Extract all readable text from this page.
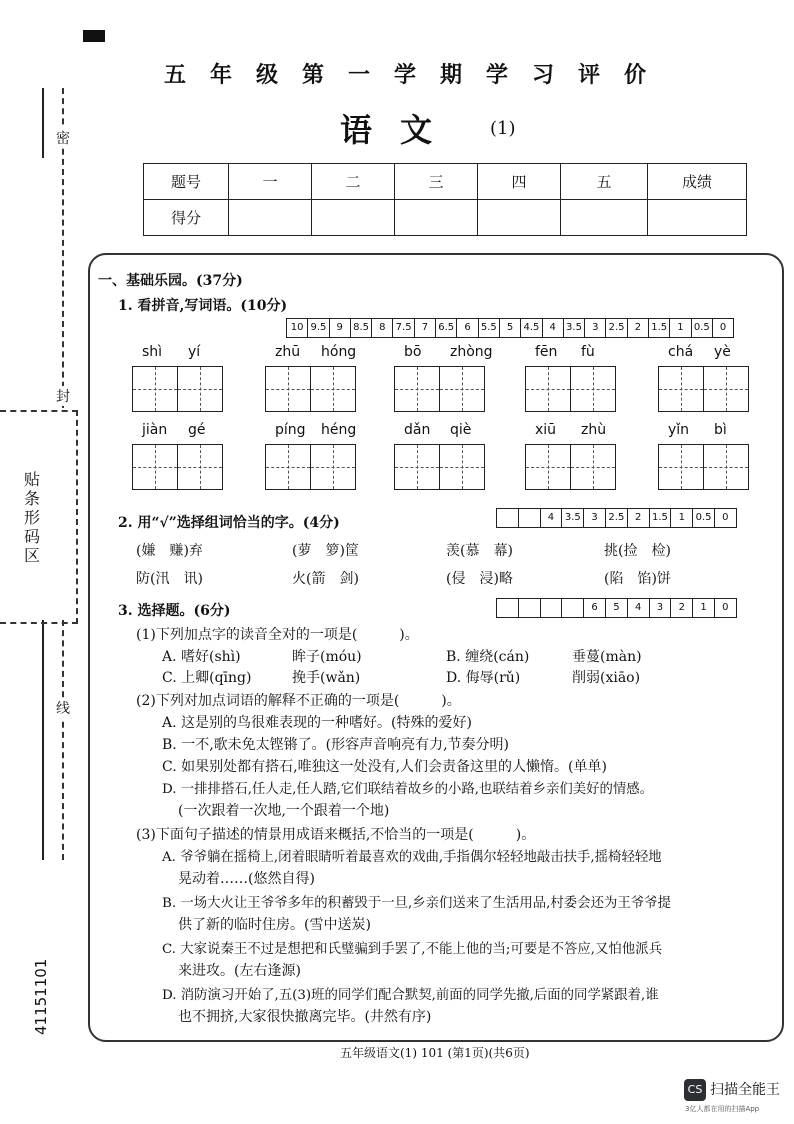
密
封
线
贴条形码区
41151101
五年级第一学期学习评价
语文 (1)
题号	一	二	三	四	五	成绩
得分						
一、基础乐园。(37分)
1. 看拼音,写词语。(10分)
10 9.5	9	8.5	8	7.5	7	6.5	6	5.5	5	4.5	4	3.5	3	2.5	2	1.5	1	0.5	0
shì yí	zhū hóng	bō zhòng	fēn fù	chá yè
jiàn gé	píng héng	dǎn qiè	xiū zhù	yǐn bì
2. 用“√”选择组词恰当的字。(4分)	4	3.5	3	2.5	2	1.5	1	0.5	0
(嫌　赚)弃	(萝　箩)筐	羡(慕　幕)	挑(捡　检)
防(汛　讯)	火(箭　剑)	(侵　浸)略	(陷　馅)饼
3. 选择题。(6分)	6	5	4	3	2	1	0
(1)下列加点字的读音全对的一项是(　　　)。
A. 嗜好(shì)	眸子(móu)	B. 缠绕(cán)	垂蔓(màn)
C. 上卿(qīng)	挽手(wǎn)	D. 侮辱(rǔ)	削弱(xiāo)
(2)下列对加点词语的解释不正确的一项是(　　　)。
A. 这是别的鸟很难表现的一种嗜好。(特殊的爱好)
B. 一不,歌未免太铿锵了。(形容声音响亮有力,节奏分明)
C. 如果别处都有搭石,唯独这一处没有,人们会责备这里的人懒惰。(单单)
D. 一排排搭石,任人走,任人踏,它们联结着故乡的小路,也联结着乡亲们美好的情感。
(一次跟着一次地,一个跟着一个地)
(3)下面句子描述的情景用成语来概括,不恰当的一项是(　　　)。
A. 爷爷躺在摇椅上,闭着眼睛听着最喜欢的戏曲,手指偶尔轻轻地敲击扶手,摇椅轻轻地
晃动着……(悠然自得)
B. 一场大火让王爷爷多年的积蓄毁于一旦,乡亲们送来了生活用品,村委会还为王爷爷提
供了新的临时住房。(雪中送炭)
C. 大家说秦王不过是想把和氏璧骗到手罢了,不能上他的当;可要是不答应,又怕他派兵
来进攻。(左右逢源)
D. 消防演习开始了,五(3)班的同学们配合默契,前面的同学先撤,后面的同学紧跟着,谁
也不拥挤,大家很快撤离完毕。(井然有序)
五年级语文(1) 101 (第1页)(共6页)
CS 扫描全能王
3亿人都在用的扫描App
